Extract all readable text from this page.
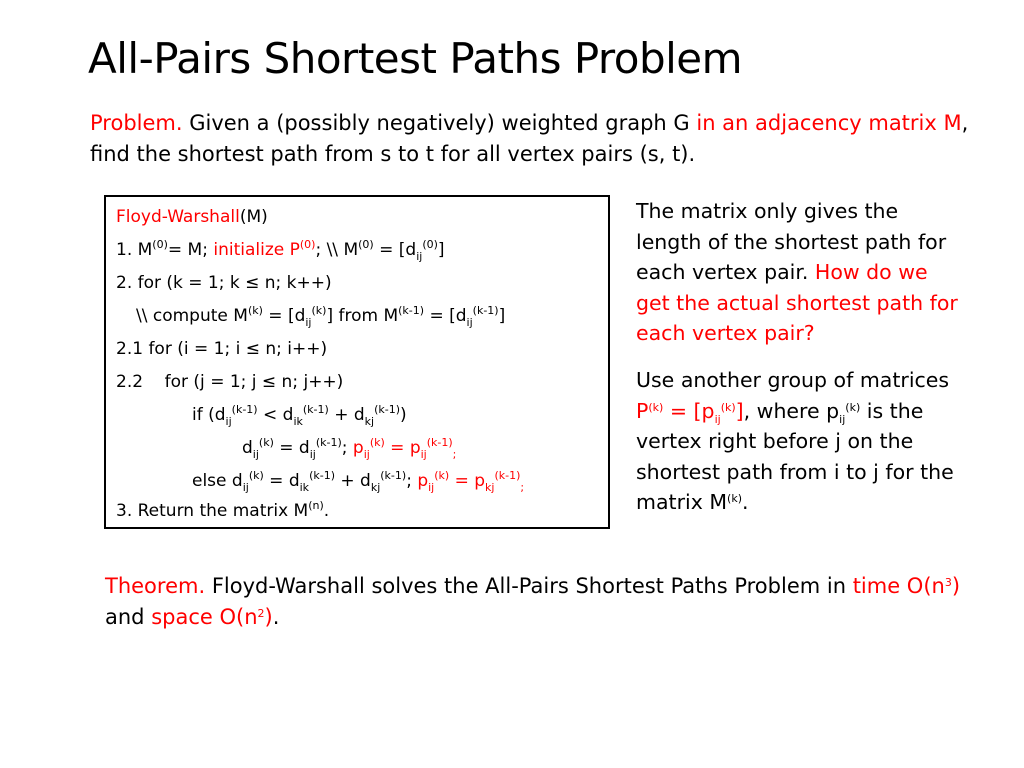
All-Pairs Shortest Paths Problem
Problem. Given a (possibly negatively) weighted graph G in an adjacency matrix M, find the shortest path from s to t for all vertex pairs (s, t).
Floyd-Warshall(M)
1. $M^{(0)}= M$; initialize $P^{(0)}$; \\ $M^{(0)} = [d_{ij}^{(0)}]$
2. for (k = 1; k ≤ n; k++)
\\ compute $M^{(k)} = [d_{ij}^{(k)}]$ from $M^{(k-1)} = [d_{ij}^{(k-1)}]$
2.1 for (i = 1; i ≤ n; i++)
2.2    for (j = 1; j ≤ n; j++)
if $(d_{ij}^{(k-1)} < d_{ik}^{(k-1)} + d_{kj}^{(k-1)})$
$d_{ij}^{(k)} = d_{ij}^{(k-1)}$; $p_{ij}^{(k)} = p_{ij}^{(k-1)}_;$
else $d_{ij}^{(k)} = d_{ik}^{(k-1)} + d_{kj}^{(k-1)}$; $p_{ij}^{(k)} = p_{kj}^{(k-1)}_;$
3. Return the matrix $M^{(n)}$.
The matrix only gives the length of the shortest path for each vertex pair. How do we get the actual shortest path for each vertex pair?
Use another group of matrices $P^{(k)} = [p_{ij}^{(k)}]$, where $p_{ij}^{(k)}$ is the vertex right before j on the shortest path from i to j for the matrix $M^{(k)}$.
Theorem. Floyd-Warshall solves the All-Pairs Shortest Paths Problem in time $O(n^3)$ and space $O(n^2)$.
